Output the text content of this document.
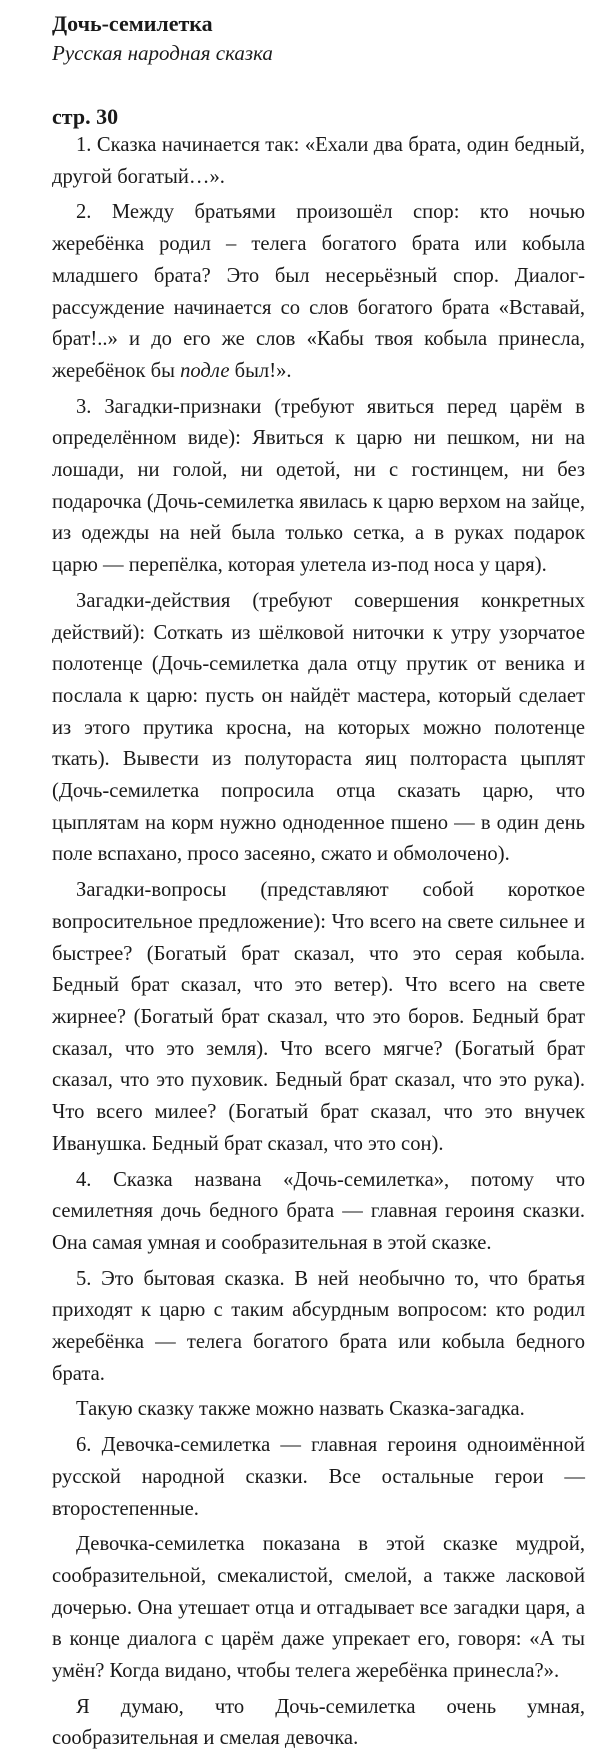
Дочь-семилетка

Русская народная сказка

стр. 30

1. Сказка начинается так: «Ехали два брата, один бедный, другой богатый…».

2. Между братьями произошёл спор: кто ночью жеребёнка родил – телега богатого брата или кобыла младшего брата? Это был несерьёзный спор. Диалог-рассуждение начинается со слов богатого брата «Вставай, брат!..» и до его же слов «Кабы твоя кобыла принесла, жеребёнок бы подле был!».

3. Загадки-признаки (требуют явиться перед царём в определённом виде): Явиться к царю ни пешком, ни на лошади, ни голой, ни одетой, ни с гостинцем, ни без подарочка (Дочь-семилетка явилась к царю верхом на зайце, из одежды на ней была только сетка, а в руках подарок царю — перепёлка, которая улетела из-под носа у царя).

Загадки-действия (требуют совершения конкретных действий): Соткать из шёлковой ниточки к утру узорчатое полотенце (Дочь-семилетка дала отцу прутик от веника и послала к царю: пусть он найдёт мастера, который сделает из этого прутика кросна, на которых можно полотенце ткать). Вывести из полутораста яиц полтораста цыплят (Дочь-семилетка попросила отца сказать царю, что цыплятам на корм нужно одноденное пшено — в один день поле вспахано, просо засеяно, сжато и обмолочено).

Загадки-вопросы (представляют собой короткое вопросительное предложение): Что всего на свете сильнее и быстрее? (Богатый брат сказал, что это серая кобыла. Бедный брат сказал, что это ветер). Что всего на свете жирнее? (Богатый брат сказал, что это боров. Бедный брат сказал, что это земля). Что всего мягче? (Богатый брат сказал, что это пуховик. Бедный брат сказал, что это рука). Что всего милее? (Богатый брат сказал, что это внучек Иванушка. Бедный брат сказал, что это сон).

4. Сказка названа «Дочь-семилетка», потому что семилетняя дочь бедного брата — главная героиня сказки. Она самая умная и сообразительная в этой сказке.

5. Это бытовая сказка. В ней необычно то, что братья приходят к царю с таким абсурдным вопросом: кто родил жеребёнка — телега богатого брата или кобыла бедного брата.

Такую сказку также можно назвать Сказка-загадка.

6. Девочка-семилетка — главная героиня одноимённой русской народной сказки. Все остальные герои — второстепенные.

Девочка-семилетка показана в этой сказке мудрой, сообразительной, смекалистой, смелой, а также ласковой дочерью. Она утешает отца и отгадывает все загадки царя, а в конце диалога с царём даже упрекает его, говоря: «А ты умён? Когда видано, чтобы телега жеребёнка принесла?».

Я думаю, что Дочь-семилетка очень умная, сообразительная и смелая девочка.
